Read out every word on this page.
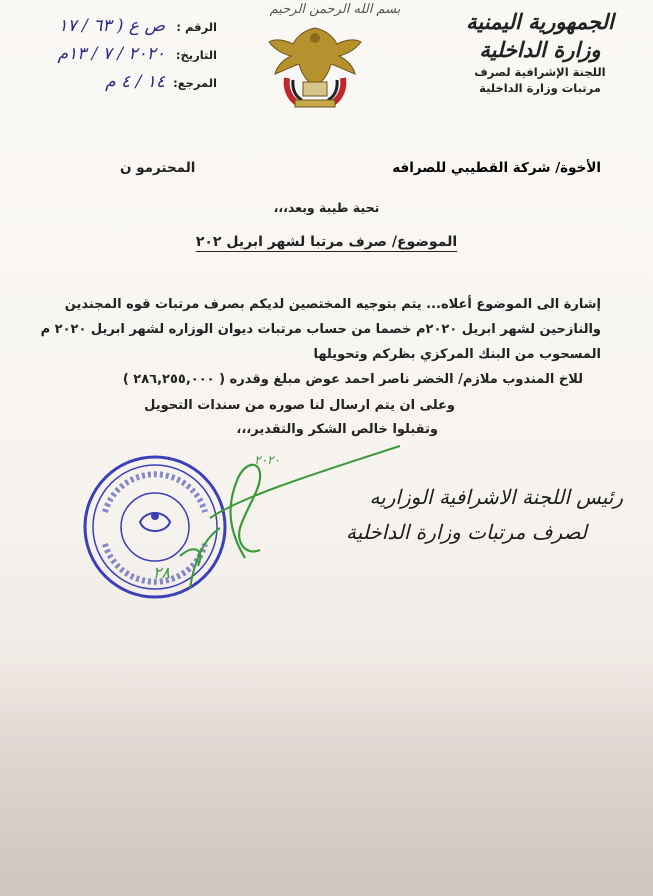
الجمهورية اليمنية
وزارة الداخلية
اللجنة الإشرافية لصرف
مرتبات وزارة الداخلية
بسم الله الرحمن الرحيم
الرقم :
ص ع ( ٦٣ / ١٧
التاريخ:
٢٠٢٠ / ٧ / ١٣م
المرجع:
١٤ / ٤ م
الأخوة/ شركة القطيبي للصرافه
المحترمو ن
تحية طيبة وبعد،،،
الموضوع/ صرف مرتبا لشهر ابريل ٢٠٢
إشارة الى الموضوع أعلاه... يتم بتوجيه المختصين لديكم بصرف مرتبات قوه المجندين
والنازحين لشهر ابريل ٢٠٢٠م خصما من حساب مرتبات ديوان الوزاره لشهر ابريل ٢٠٢٠ م
المسحوب من البنك المركزي بظركم وتحويلها
للاخ المندوب ملازم/ الخضر ناصر احمد عوض مبلغ وقدره ( ٢٨٦,٢٥٥,٠٠٠ )
وعلى ان يتم ارسال لنا صوره من سندات التحويل
وتقبلوا خالص الشكر والتقدير،،،
رئيس اللجنة الاشرافية الوزاريه
لصرف مرتبات وزارة الداخلية
٢٠٢٠
٢٨
